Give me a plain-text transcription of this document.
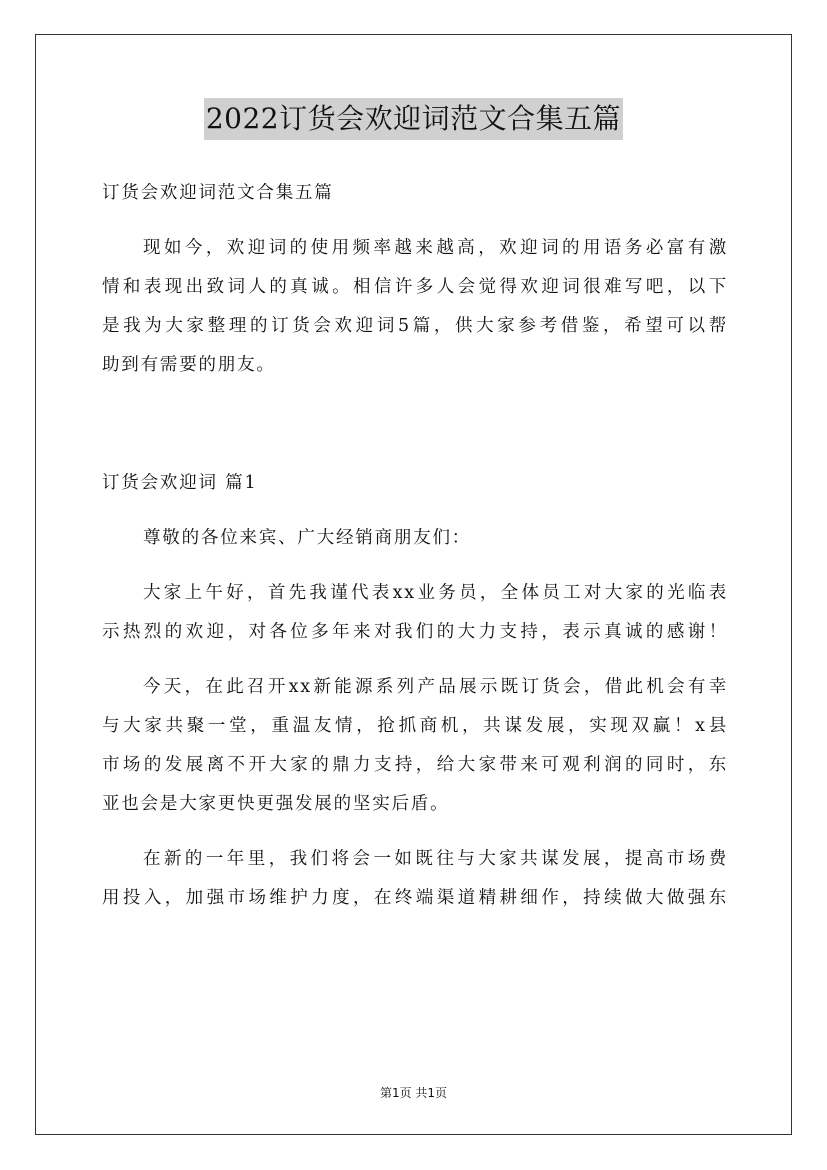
2022订货会欢迎词范文合集五篇
订货会欢迎词范文合集五篇
现如今，欢迎词的使用频率越来越高，欢迎词的用语务必富有激
情和表现出致词人的真诚。相信许多人会觉得欢迎词很难写吧，以下
是我为大家整理的订货会欢迎词5篇，供大家参考借鉴，希望可以帮
助到有需要的朋友。
订货会欢迎词 篇1
尊敬的各位来宾、广大经销商朋友们：
大家上午好，首先我谨代表xx业务员，全体员工对大家的光临表
示热烈的欢迎，对各位多年来对我们的大力支持，表示真诚的感谢！
今天，在此召开xx新能源系列产品展示既订货会，借此机会有幸
与大家共聚一堂，重温友情，抢抓商机，共谋发展，实现双赢！x县
市场的发展离不开大家的鼎力支持，给大家带来可观利润的同时，东
亚也会是大家更快更强发展的坚实后盾。
在新的一年里，我们将会一如既往与大家共谋发展，提高市场费
用投入，加强市场维护力度，在终端渠道精耕细作，持续做大做强东
第1页 共1页
